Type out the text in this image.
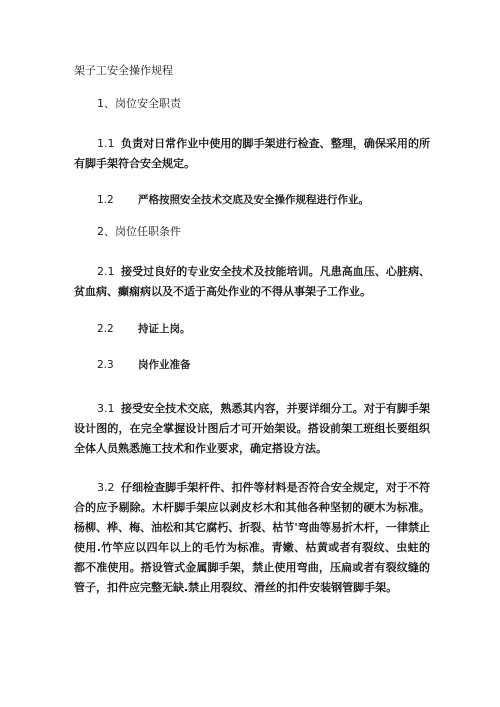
架子工安全操作规程
1、岗位安全职责
1.1 负责对日常作业中使用的脚手架进行检查、整理，确保采用的所有脚手架符合安全规定。
1.2 严格按照安全技术交底及安全操作规程进行作业。
2、岗位任职条件
2.1 接受过良好的专业安全技术及技能培训。凡患高血压、心脏病、贫血病、癫痫病以及不适于高处作业的不得从事架子工作业。
2.2 持证上岗。
2.3 岗作业准备
3.1 接受安全技术交底，熟悉其内容，并要详细分工。对于有脚手架设计图的，在完全掌握设计图后才可开始架设。搭设前架工班组长要组织全体人员熟悉施工技术和作业要求，确定搭设方法。
3.2 仔细检查脚手架杆件、扣件等材料是否符合安全规定，对于不符合的应予剔除。木杆脚手架应以剥皮杉木和其他各种坚韧的硬木为标准。杨柳、桦、梅、油松和其它腐朽、折裂、枯节'弯曲等易折木杆，一律禁止使用.竹竿应以四年以上的毛竹为标准。青嫩、枯黄或者有裂纹、虫蛀的都不准使用。搭设管式金属脚手架，禁止使用弯曲，压扁或者有裂纹缝的管子，扣件应完整无缺.禁止用裂纹、滑丝的扣件安装钢管脚手架。
